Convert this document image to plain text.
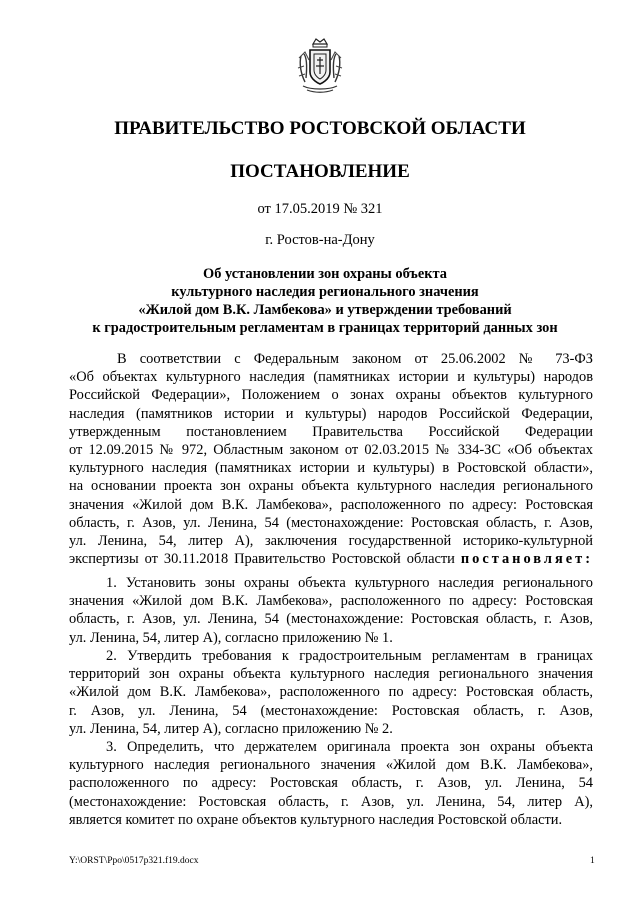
ПРАВИТЕЛЬСТВО РОСТОВСКОЙ ОБЛАСТИ
ПОСТАНОВЛЕНИЕ
от 17.05.2019 № 321
г. Ростов-на-Дону
Об установлении зон охраны объекта
культурного наследия регионального значения
«Жилой дом В.К. Ламбекова» и утверждении требований
к градостроительным регламентам в границах территорий данных зон
В соответствии с Федеральным законом от 25.06.2002 № 73-ФЗ
«Об объектах культурного наследия (памятниках истории и культуры) народов
Российской Федерации», Положением о зонах охраны объектов культурного
наследия (памятников истории и культуры) народов Российской Федерации,
утвержденным постановлением Правительства Российской Федерации
от 12.09.2015 № 972, Областным законом от 02.03.2015 № 334-ЗС «Об объектах
культурного наследия (памятниках истории и культуры) в Ростовской области»,
на основании проекта зон охраны объекта культурного наследия регионального
значения «Жилой дом В.К. Ламбекова», расположенного по адресу: Ростовская
область, г. Азов, ул. Ленина, 54 (местонахождение: Ростовская область, г. Азов,
ул. Ленина, 54, литер А), заключения государственной историко-культурной
экспертизы от 30.11.2018 Правительство Ростовской области постановляет:
1. Установить зоны охраны объекта культурного наследия регионального
значения «Жилой дом В.К. Ламбекова», расположенного по адресу: Ростовская
область, г. Азов, ул. Ленина, 54 (местонахождение: Ростовская область, г. Азов,
ул. Ленина, 54, литер А), согласно приложению № 1.
2. Утвердить требования к градостроительным регламентам в границах
территорий зон охраны объекта культурного наследия регионального значения
«Жилой дом В.К. Ламбекова», расположенного по адресу: Ростовская область,
г. Азов, ул. Ленина, 54 (местонахождение: Ростовская область, г. Азов,
ул. Ленина, 54, литер А), согласно приложению № 2.
3. Определить, что держателем оригинала проекта зон охраны объекта
культурного наследия регионального значения «Жилой дом В.К. Ламбекова»,
расположенного по адресу: Ростовская область, г. Азов, ул. Ленина, 54
(местонахождение: Ростовская область, г. Азов, ул. Ленина, 54, литер А),
является комитет по охране объектов культурного наследия Ростовской области.
Y:\ORST\Ppo\0517p321.f19.docx	1
